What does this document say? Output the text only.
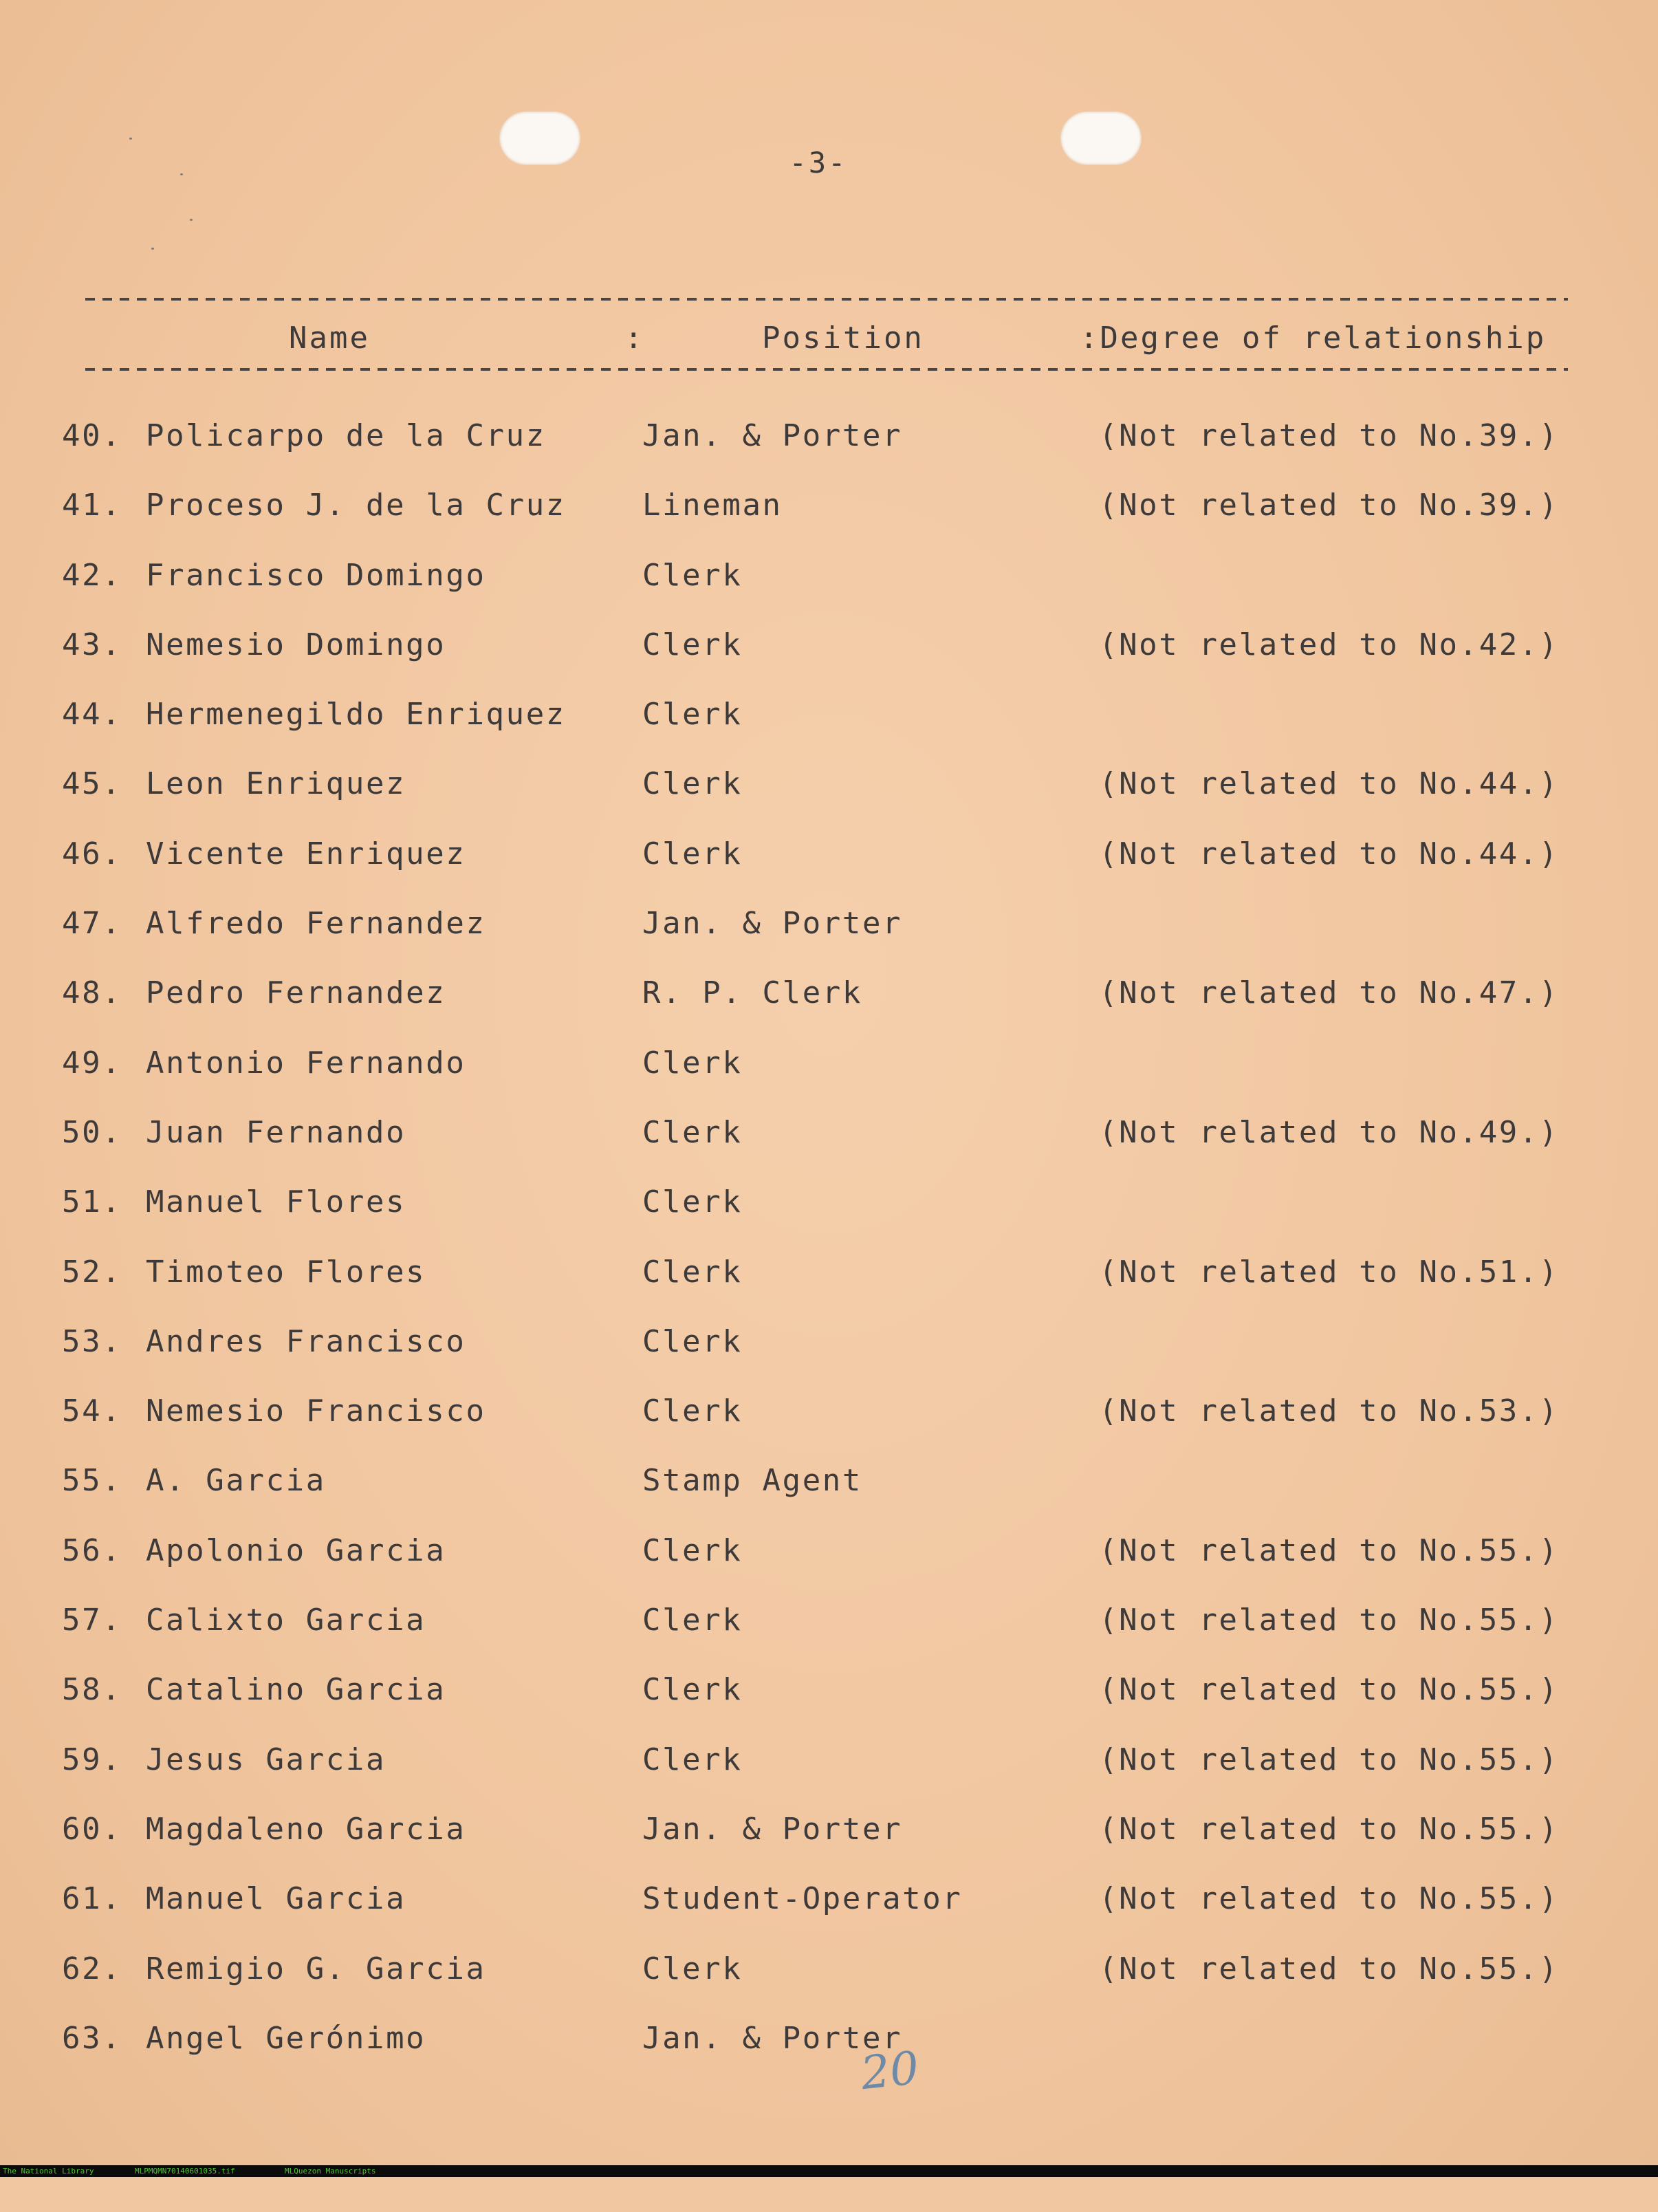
-3-
Name	:	Position	:Degree of relationship
40. Policarpo de la Cruz	Jan. & Porter	(Not related to No.39.)
41. Proceso J. de la Cruz	Lineman	(Not related to No.39.)
42. Francisco Domingo	Clerk
43. Nemesio Domingo	Clerk	(Not related to No.42.)
44. Hermenegildo Enriquez	Clerk
45. Leon Enriquez	Clerk	(Not related to No.44.)
46. Vicente Enriquez	Clerk	(Not related to No.44.)
47. Alfredo Fernandez	Jan. & Porter
48. Pedro Fernandez	R. P. Clerk	(Not related to No.47.)
49. Antonio Fernando	Clerk
50. Juan Fernando	Clerk	(Not related to No.49.)
51. Manuel Flores	Clerk
52. Timoteo Flores	Clerk	(Not related to No.51.)
53. Andres Francisco	Clerk
54. Nemesio Francisco	Clerk	(Not related to No.53.)
55. A. Garcia	Stamp Agent
56. Apolonio Garcia	Clerk	(Not related to No.55.)
57. Calixto Garcia	Clerk	(Not related to No.55.)
58. Catalino Garcia	Clerk	(Not related to No.55.)
59. Jesus Garcia	Clerk	(Not related to No.55.)
60. Magdaleno Garcia	Jan. & Porter	(Not related to No.55.)
61. Manuel Garcia	Student-Operator	(Not related to No.55.)
62. Remigio G. Garcia	Clerk	(Not related to No.55.)
63. Angel Gerónimo	Jan. & Porter
20

The National Library

	MLPMQMN70140601035.tif

	MLQuezon Manuscripts
